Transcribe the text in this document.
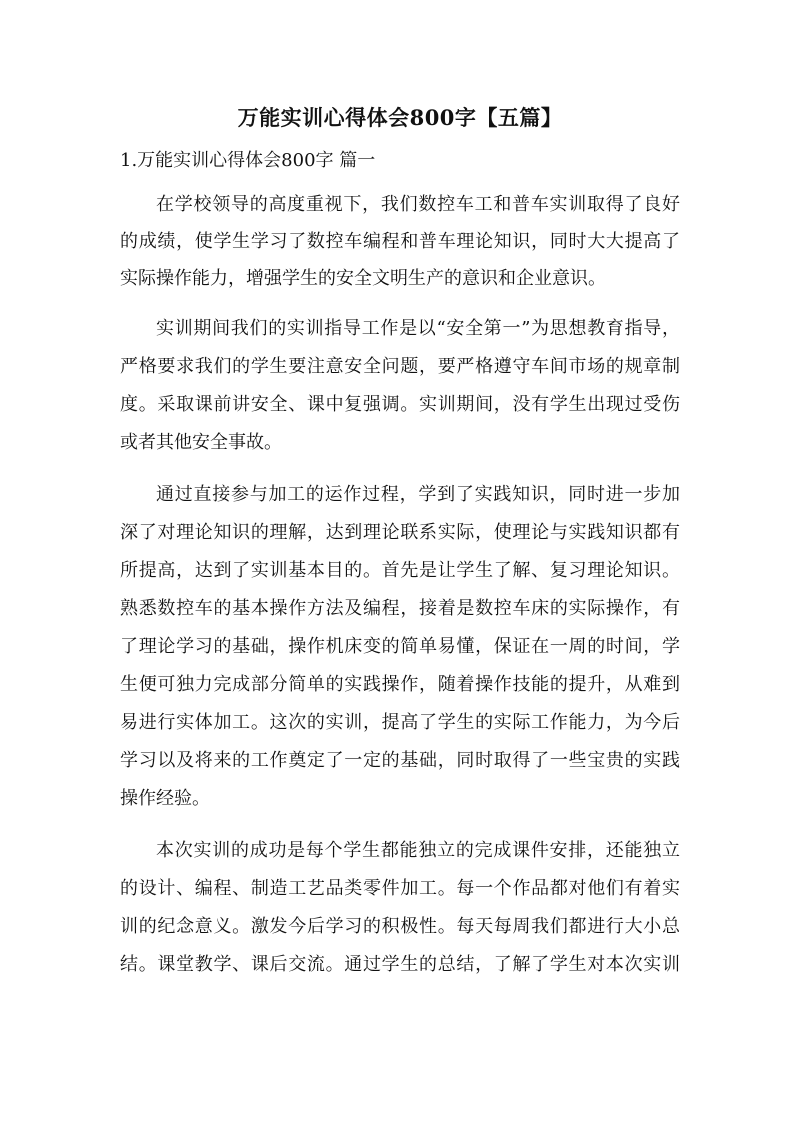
万能实训心得体会800字【五篇】
1.万能实训心得体会800字 篇一
在学校领导的高度重视下，我们数控车工和普车实训取得了良好
的成绩，使学生学习了数控车编程和普车理论知识，同时大大提高了
实际操作能力，增强学生的安全文明生产的意识和企业意识。
实训期间我们的实训指导工作是以“安全第一”为思想教育指导，
严格要求我们的学生要注意安全问题，要严格遵守车间市场的规章制
度。采取课前讲安全、课中复强调。实训期间，没有学生出现过受伤
或者其他安全事故。
通过直接参与加工的运作过程，学到了实践知识，同时进一步加
深了对理论知识的理解，达到理论联系实际，使理论与实践知识都有
所提高，达到了实训基本目的。首先是让学生了解、复习理论知识。
熟悉数控车的基本操作方法及编程，接着是数控车床的实际操作，有
了理论学习的基础，操作机床变的简单易懂，保证在一周的时间，学
生便可独力完成部分简单的实践操作，随着操作技能的提升，从难到
易进行实体加工。这次的实训，提高了学生的实际工作能力，为今后
学习以及将来的工作奠定了一定的基础，同时取得了一些宝贵的实践
操作经验。
本次实训的成功是每个学生都能独立的完成课件安排，还能独立
的设计、编程、制造工艺品类零件加工。每一个作品都对他们有着实
训的纪念意义。激发今后学习的积极性。每天每周我们都进行大小总
结。课堂教学、课后交流。通过学生的总结，了解了学生对本次实训
